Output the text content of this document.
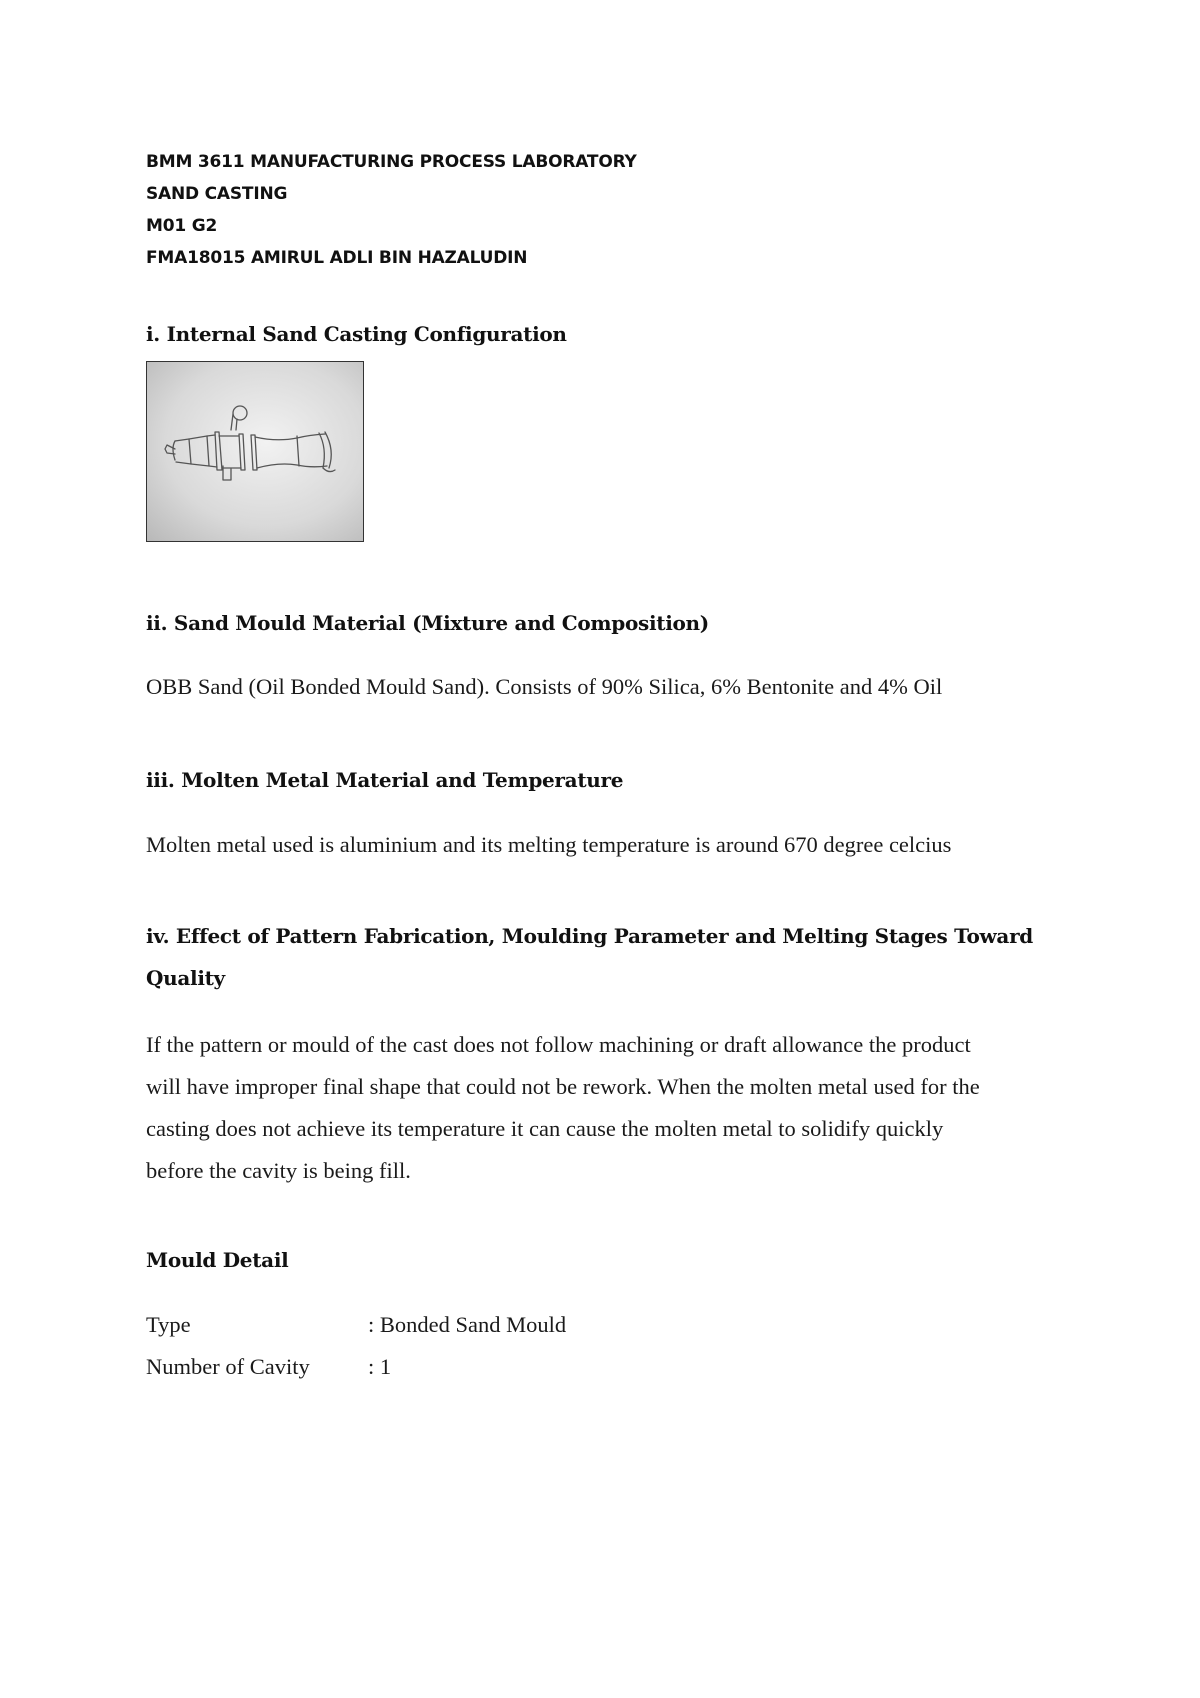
BMM 3611 MANUFACTURING PROCESS LABORATORY
SAND CASTING
M01 G2
FMA18015 AMIRUL ADLI BIN HAZALUDIN
i. Internal Sand Casting Configuration
ii. Sand Mould Material (Mixture and Composition)
OBB Sand (Oil Bonded Mould Sand). Consists of 90% Silica, 6% Bentonite and 4% Oil
iii. Molten Metal Material and Temperature
Molten metal used is aluminium and its melting temperature is around 670 degree celcius
iv. Effect of Pattern Fabrication, Moulding Parameter and Melting Stages Toward
Quality
If the pattern or mould of the cast does not follow machining or draft allowance the product
will have improper final shape that could not be rework. When the molten metal used for the
casting does not achieve its temperature it can cause the molten metal to solidify quickly
before the cavity is being fill.
Mould Detail
Type	: Bonded Sand Mould
Number of Cavity	: 1
